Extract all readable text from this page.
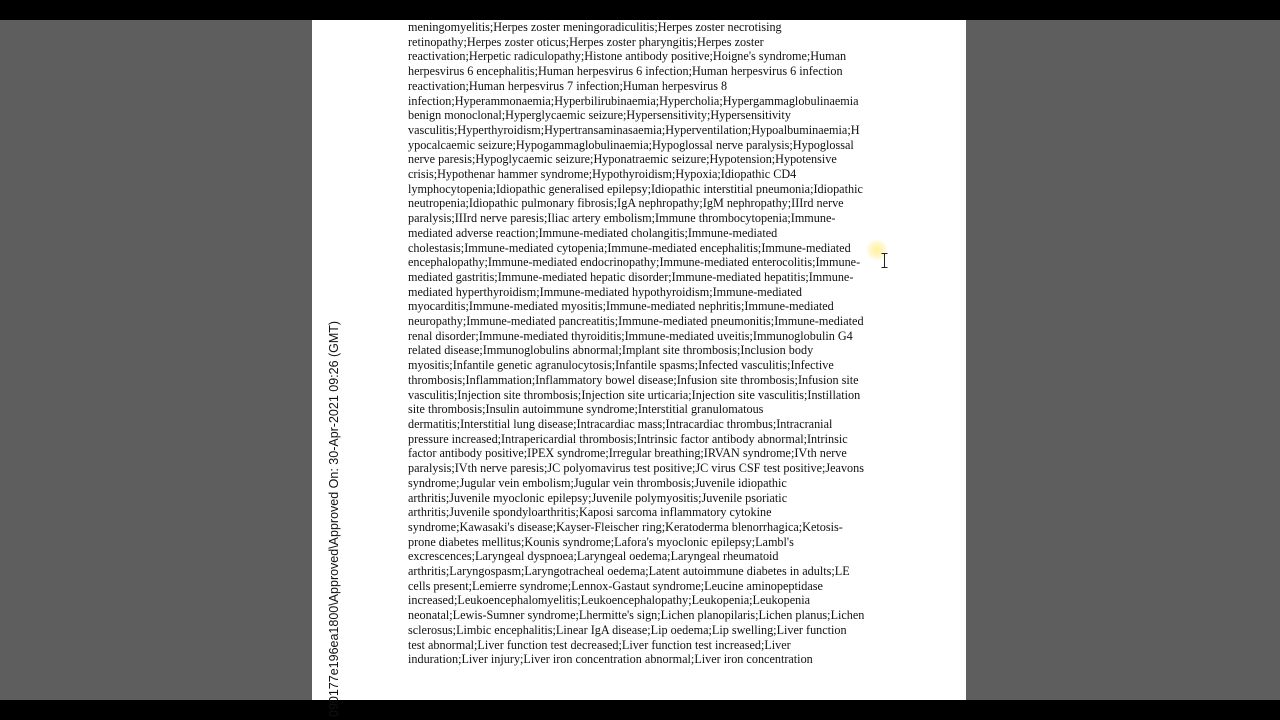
090177e196ea1800\Approved\Approved On: 30-Apr-2021 09:26 (GMT)
meningomyelitis;Herpes zoster meningoradiculitis;Herpes zoster necrotising
retinopathy;Herpes zoster oticus;Herpes zoster pharyngitis;Herpes zoster
reactivation;Herpetic radiculopathy;Histone antibody positive;Hoigne's syndrome;Human
herpesvirus 6 encephalitis;Human herpesvirus 6 infection;Human herpesvirus 6 infection
reactivation;Human herpesvirus 7 infection;Human herpesvirus 8
infection;Hyperammonaemia;Hyperbilirubinaemia;Hypercholia;Hypergammaglobulinaemia
benign monoclonal;Hyperglycaemic seizure;Hypersensitivity;Hypersensitivity
vasculitis;Hyperthyroidism;Hypertransaminasaemia;Hyperventilation;Hypoalbuminaemia;H
ypocalcaemic seizure;Hypogammaglobulinaemia;Hypoglossal nerve paralysis;Hypoglossal
nerve paresis;Hypoglycaemic seizure;Hyponatraemic seizure;Hypotension;Hypotensive
crisis;Hypothenar hammer syndrome;Hypothyroidism;Hypoxia;Idiopathic CD4
lymphocytopenia;Idiopathic generalised epilepsy;Idiopathic interstitial pneumonia;Idiopathic
neutropenia;Idiopathic pulmonary fibrosis;IgA nephropathy;IgM nephropathy;IIIrd nerve
paralysis;IIIrd nerve paresis;Iliac artery embolism;Immune thrombocytopenia;Immune-
mediated adverse reaction;Immune-mediated cholangitis;Immune-mediated
cholestasis;Immune-mediated cytopenia;Immune-mediated encephalitis;Immune-mediated
encephalopathy;Immune-mediated endocrinopathy;Immune-mediated enterocolitis;Immune-
mediated gastritis;Immune-mediated hepatic disorder;Immune-mediated hepatitis;Immune-
mediated hyperthyroidism;Immune-mediated hypothyroidism;Immune-mediated
myocarditis;Immune-mediated myositis;Immune-mediated nephritis;Immune-mediated
neuropathy;Immune-mediated pancreatitis;Immune-mediated pneumonitis;Immune-mediated
renal disorder;Immune-mediated thyroiditis;Immune-mediated uveitis;Immunoglobulin G4
related disease;Immunoglobulins abnormal;Implant site thrombosis;Inclusion body
myositis;Infantile genetic agranulocytosis;Infantile spasms;Infected vasculitis;Infective
thrombosis;Inflammation;Inflammatory bowel disease;Infusion site thrombosis;Infusion site
vasculitis;Injection site thrombosis;Injection site urticaria;Injection site vasculitis;Instillation
site thrombosis;Insulin autoimmune syndrome;Interstitial granulomatous
dermatitis;Interstitial lung disease;Intracardiac mass;Intracardiac thrombus;Intracranial
pressure increased;Intrapericardial thrombosis;Intrinsic factor antibody abnormal;Intrinsic
factor antibody positive;IPEX syndrome;Irregular breathing;IRVAN syndrome;IVth nerve
paralysis;IVth nerve paresis;JC polyomavirus test positive;JC virus CSF test positive;Jeavons
syndrome;Jugular vein embolism;Jugular vein thrombosis;Juvenile idiopathic
arthritis;Juvenile myoclonic epilepsy;Juvenile polymyositis;Juvenile psoriatic
arthritis;Juvenile spondyloarthritis;Kaposi sarcoma inflammatory cytokine
syndrome;Kawasaki's disease;Kayser-Fleischer ring;Keratoderma blenorrhagica;Ketosis-
prone diabetes mellitus;Kounis syndrome;Lafora's myoclonic epilepsy;Lambl's
excrescences;Laryngeal dyspnoea;Laryngeal oedema;Laryngeal rheumatoid
arthritis;Laryngospasm;Laryngotracheal oedema;Latent autoimmune diabetes in adults;LE
cells present;Lemierre syndrome;Lennox-Gastaut syndrome;Leucine aminopeptidase
increased;Leukoencephalomyelitis;Leukoencephalopathy;Leukopenia;Leukopenia
neonatal;Lewis-Sumner syndrome;Lhermitte's sign;Lichen planopilaris;Lichen planus;Lichen
sclerosus;Limbic encephalitis;Linear IgA disease;Lip oedema;Lip swelling;Liver function
test abnormal;Liver function test decreased;Liver function test increased;Liver
induration;Liver injury;Liver iron concentration abnormal;Liver iron concentration
